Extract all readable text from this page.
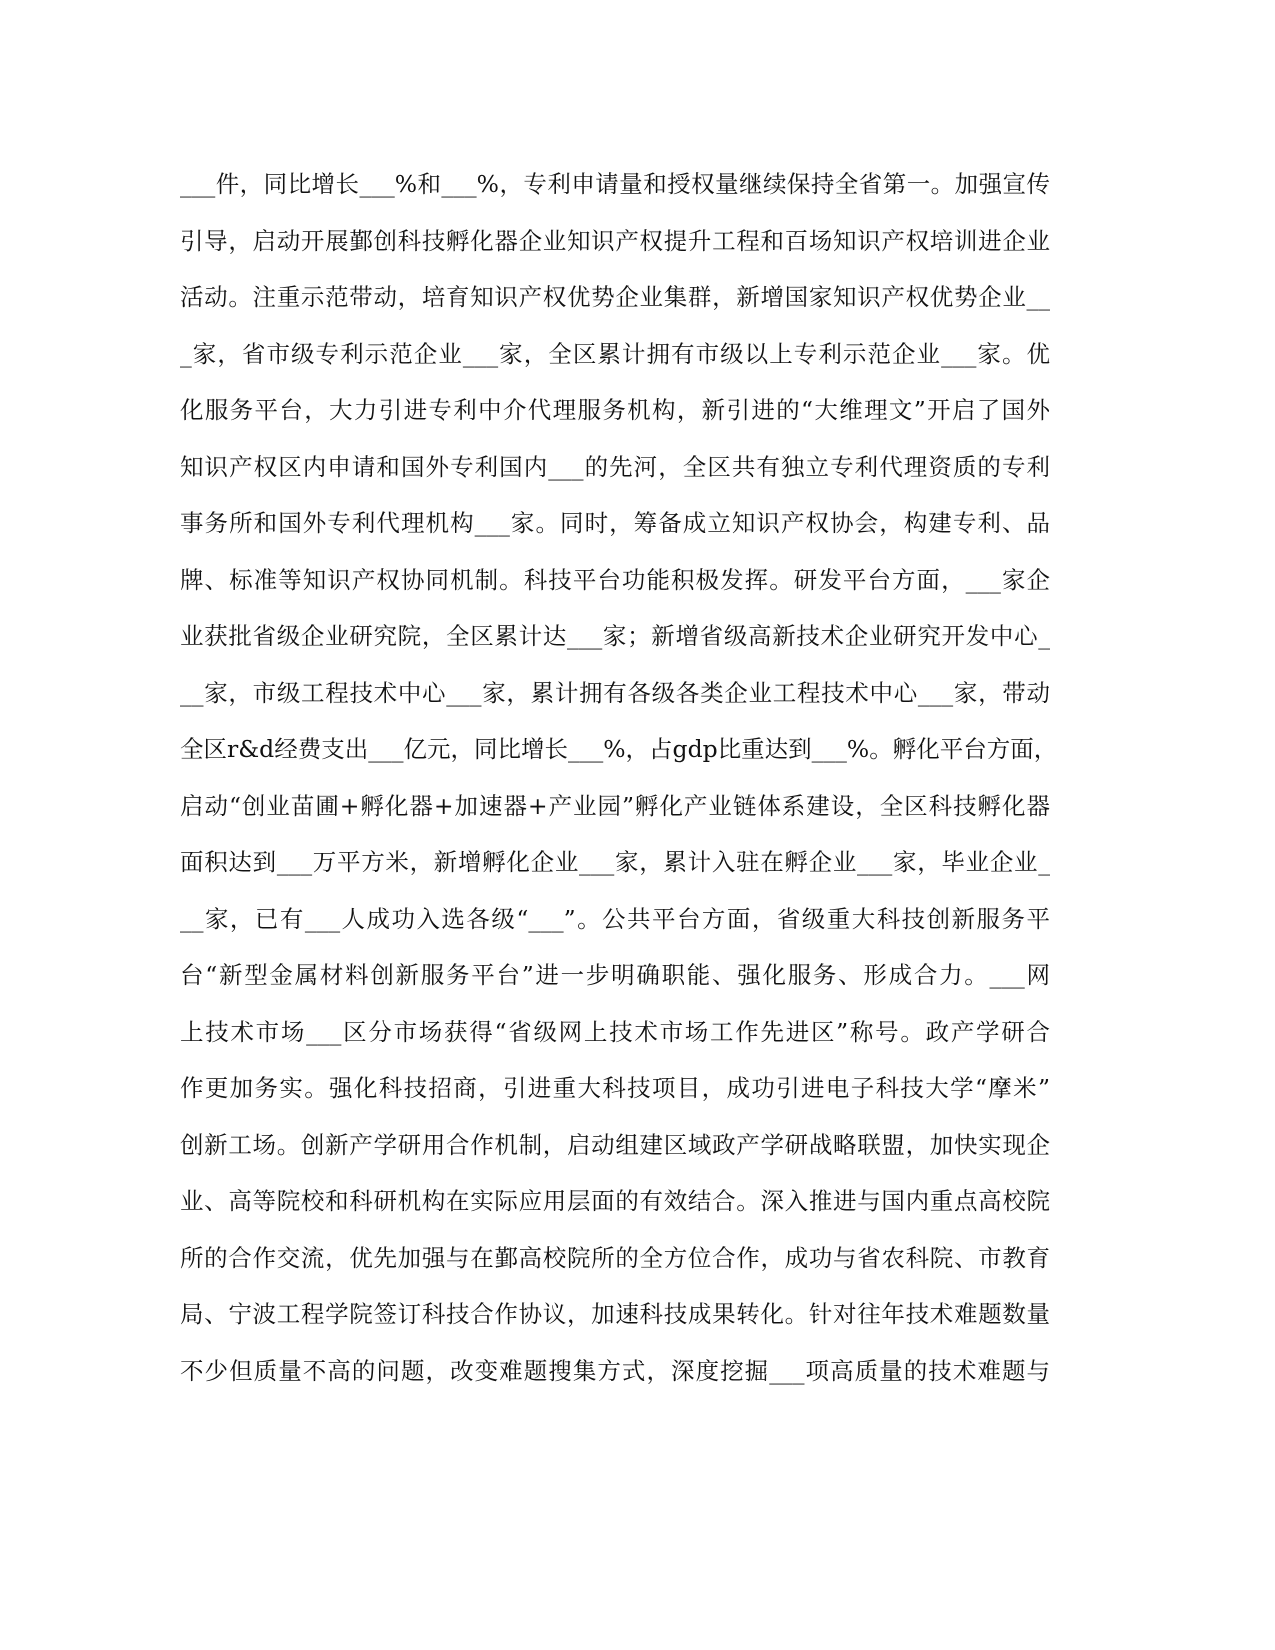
___件，同比增长___%和___%，专利申请量和授权量继续保持全省第一。加强宣传
引导，启动开展鄞创科技孵化器企业知识产权提升工程和百场知识产权培训进企业
活动。注重示范带动，培育知识产权优势企业集群，新增国家知识产权优势企业__
_家，省市级专利示范企业___家，全区累计拥有市级以上专利示范企业___家。优
化服务平台，大力引进专利中介代理服务机构，新引进的“大维理文”开启了国外
知识产权区内申请和国外专利国内___的先河，全区共有独立专利代理资质的专利
事务所和国外专利代理机构___家。同时，筹备成立知识产权协会，构建专利、品
牌、标准等知识产权协同机制。科技平台功能积极发挥。研发平台方面，___家企
业获批省级企业研究院，全区累计达___家；新增省级高新技术企业研究开发中心_
__家，市级工程技术中心___家，累计拥有各级各类企业工程技术中心___家，带动
全区r&d经费支出___亿元，同比增长___%，占gdp比重达到___%。孵化平台方面，
启动“创业苗圃+孵化器+加速器+产业园”孵化产业链体系建设，全区科技孵化器
面积达到___万平方米，新增孵化企业___家，累计入驻在孵企业___家，毕业企业_
__家，已有___人成功入选各级“___”。公共平台方面，省级重大科技创新服务平
台“新型金属材料创新服务平台”进一步明确职能、强化服务、形成合力。___网
上技术市场___区分市场获得“省级网上技术市场工作先进区”称号。政产学研合
作更加务实。强化科技招商，引进重大科技项目，成功引进电子科技大学“摩米”
创新工场。创新产学研用合作机制，启动组建区域政产学研战略联盟，加快实现企
业、高等院校和科研机构在实际应用层面的有效结合。深入推进与国内重点高校院
所的合作交流，优先加强与在鄞高校院所的全方位合作，成功与省农科院、市教育
局、宁波工程学院签订科技合作协议，加速科技成果转化。针对往年技术难题数量
不少但质量不高的问题，改变难题搜集方式，深度挖掘___项高质量的技术难题与
